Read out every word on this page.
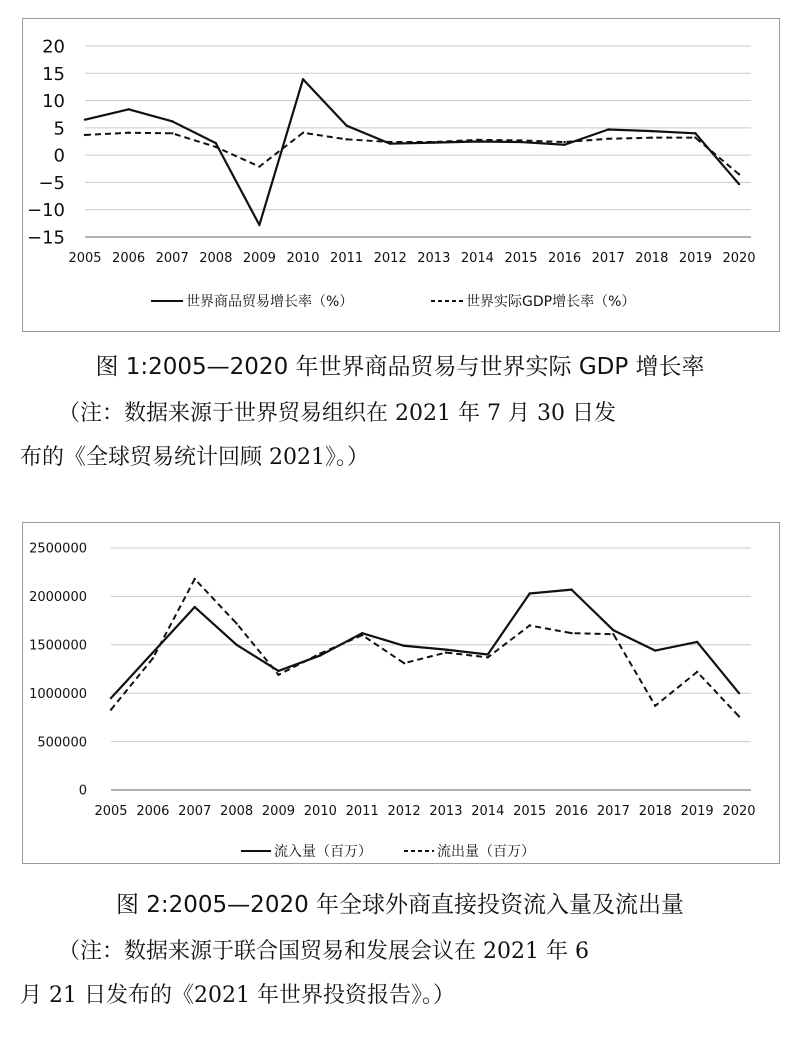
20
15
10
5
0
−5
−10
−15
2005 2006 2007 2008 2009 2010 2011 2012 2013 2014 2015 2016 2017 2018 2019 2020
世界商品贸易增长率（%）	世界实际GDP增长率（%）
图 1:2005—2020 年世界商品贸易与世界实际 GDP 增长率
（注：数据来源于世界贸易组织在 2021 年 7 月 30 日发
布的《全球贸易统计回顾 2021》。）
2500000
2000000
1500000
1000000
500000
0
2005 2006 2007 2008 2009 2010 2011 2012 2013 2014 2015 2016 2017 2018 2019 2020
流入量（百万）	流出量（百万）
图 2:2005—2020 年全球外商直接投资流入量及流出量
（注：数据来源于联合国贸易和发展会议在 2021 年 6
月 21 日发布的《2021 年世界投资报告》。）
